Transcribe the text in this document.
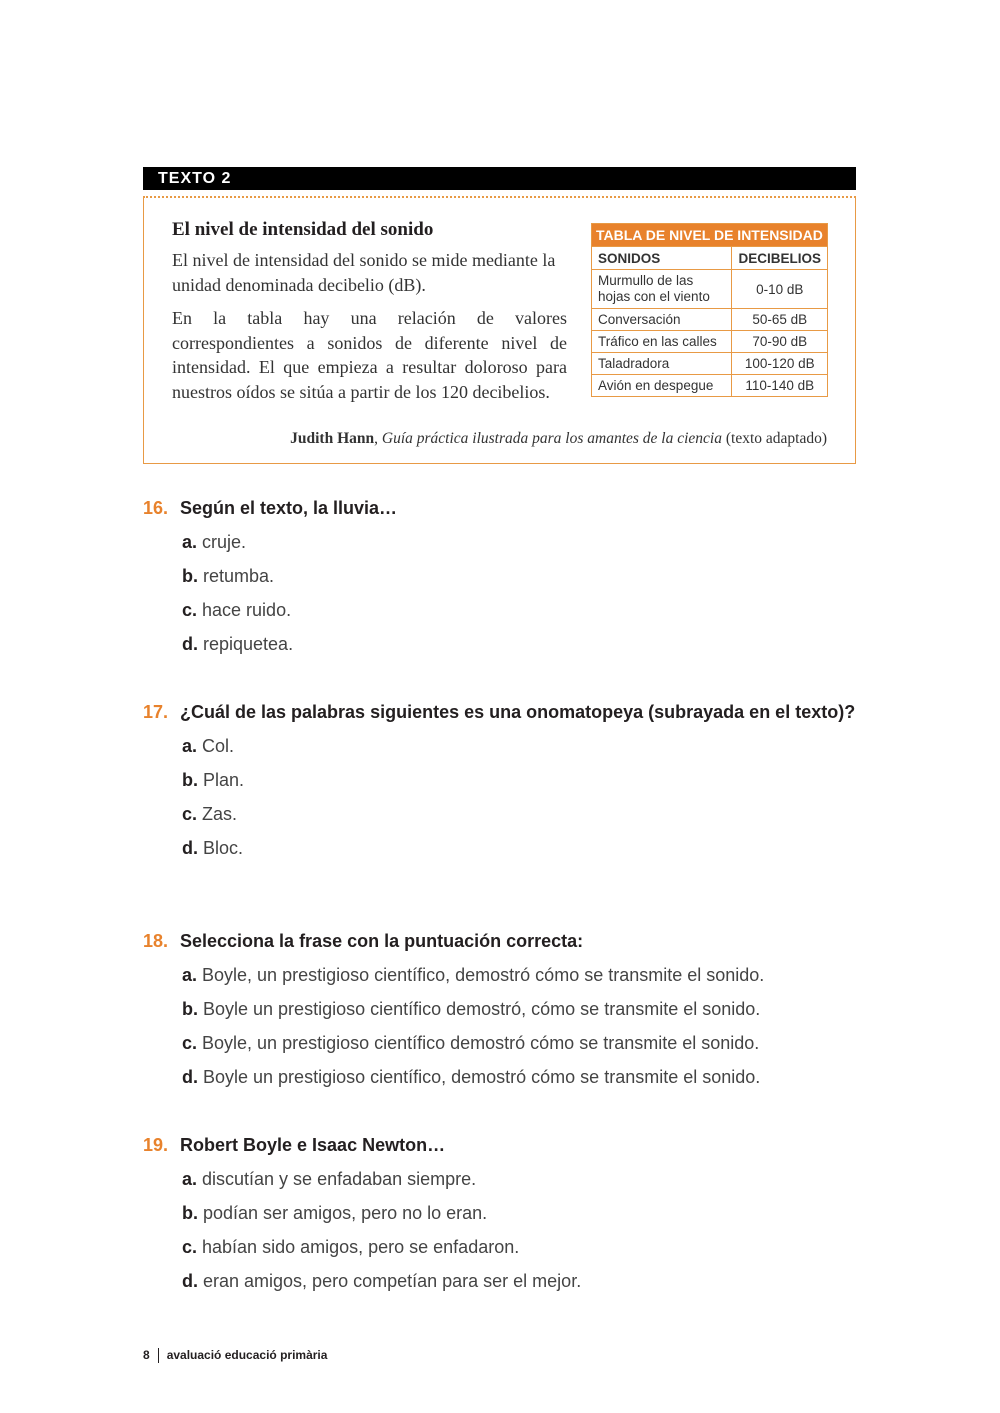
TEXTO 2
El nivel de intensidad del sonido
El nivel de intensidad del sonido se mide mediante la unidad denominada decibelio (dB).
En la tabla hay una relación de valores correspondientes a sonidos de diferente nivel de intensidad. El que empieza a resultar doloroso para nuestros oídos se sitúa a partir de los 120 decibelios.
TABLA DE NIVEL DE INTENSIDAD	
SONIDOS	DECIBELIOS
Murmullo de las hojas con el viento	0-10 dB
Conversación	50-65 dB
Tráfico en las calles	70-90 dB
Taladradora	100-120 dB
Avión en despegue	110-140 dB
Judith Hann, Guía práctica ilustrada para los amantes de la ciencia (texto adaptado)
16. Según el texto, la lluvia…
a. cruje.
b. retumba.
c. hace ruido.
d. repiquetea.
17. ¿Cuál de las palabras siguientes es una onomatopeya (subrayada en el texto)?
a. Col.
b. Plan.
c. Zas.
d. Bloc.
18. Selecciona la frase con la puntuación correcta:
a. Boyle, un prestigioso científico, demostró cómo se transmite el sonido.
b. Boyle un prestigioso científico demostró, cómo se transmite el sonido.
c. Boyle, un prestigioso científico demostró cómo se transmite el sonido.
d. Boyle un prestigioso científico, demostró cómo se transmite el sonido.
19. Robert Boyle e Isaac Newton…
a. discutían y se enfadaban siempre.
b. podían ser amigos, pero no lo eran.
c. habían sido amigos, pero se enfadaron.
d. eran amigos, pero competían para ser el mejor.
8 avaluació educació primària
